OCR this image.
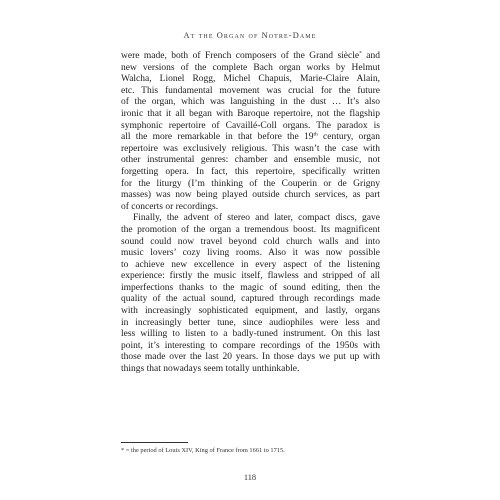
At the Organ of Notre-Dame
were made, both of French composers of the Grand siècle* and
new versions of the complete Bach organ works by Helmut
Walcha, Lionel Rogg, Michel Chapuis, Marie-Claire Alain,
etc. This fundamental movement was crucial for the future
of the organ, which was languishing in the dust … It’s also
ironic that it all began with Baroque repertoire, not the flagship
symphonic repertoire of Cavaillé-Coll organs. The paradox is
all the more remarkable in that before the 19th century, organ
repertoire was exclusively religious. This wasn’t the case with
other instrumental genres: chamber and ensemble music, not
forgetting opera. In fact, this repertoire, specifically written
for the liturgy (I’m thinking of the Couperin or de Grigny
masses) was now being played outside church services, as part
of concerts or recordings.
Finally, the advent of stereo and later, compact discs, gave
the promotion of the organ a tremendous boost. Its magnificent
sound could now travel beyond cold church walls and into
music lovers’ cozy living rooms. Also it was now possible
to achieve new excellence in every aspect of the listening
experience: firstly the music itself, flawless and stripped of all
imperfections thanks to the magic of sound editing, then the
quality of the actual sound, captured through recordings made
with increasingly sophisticated equipment, and lastly, organs
in increasingly better tune, since audiophiles were less and
less willing to listen to a badly-tuned instrument. On this last
point, it’s interesting to compare recordings of the 1950s with
those made over the last 20 years. In those days we put up with
things that nowadays seem totally unthinkable.
* = the period of Louis XIV, King of France from 1661 to 1715.
118
